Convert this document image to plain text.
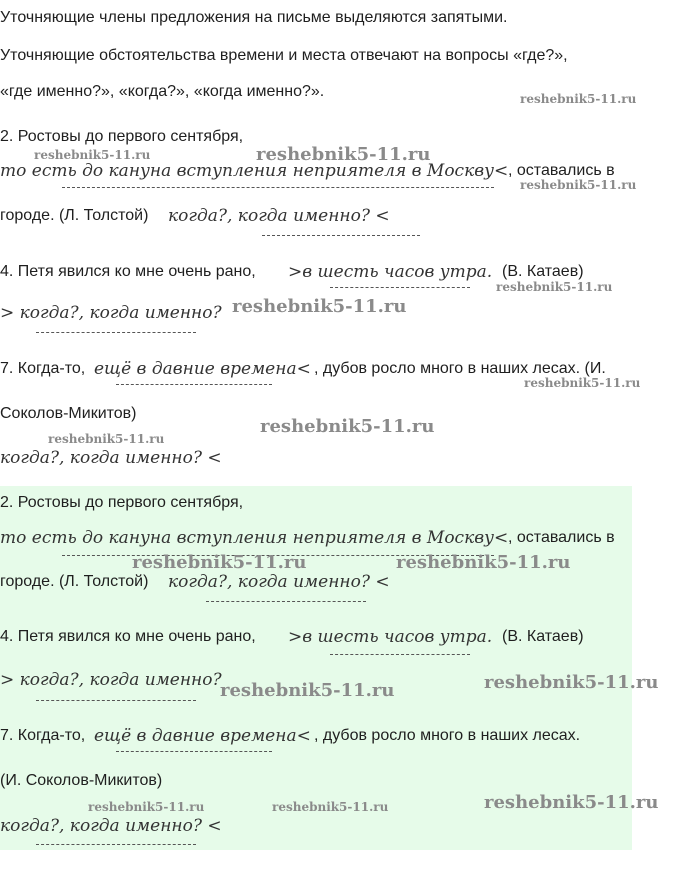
Уточняющие члены предложения на письме выделяются запятыми.
Уточняющие обстоятельства времени и места отвечают на вопросы «где?»,
«где именно?», «когда?», «когда именно?».	reshebnik5-11.ru
2. Ростовы до первого сентября,
reshebnik5-11.ru	reshebnik5-11.ru
то есть до кануна вступления неприятеля в Москву< , оставались в
reshebnik5-11.ru
городе. (Л. Толстой) когда?, когда именно? <
4. Петя явился ко мне очень рано, >в шесть часов утра. (В. Катаев)
reshebnik5-11.ru
> когда?, когда именно? reshebnik5-11.ru
7. Когда-то, ещё в давние времена< , дубов росло много в наших лесах. (И.
reshebnik5-11.ru
Соколов-Микитов)
reshebnik5-11.ru
reshebnik5-11.ru
когда?, когда именно? <
2. Ростовы до первого сентября,
то есть до кануна вступления неприятеля в Москву< , оставались в
reshebnik5-11.ru	reshebnik5-11.ru
городе. (Л. Толстой) когда?, когда именно? <
4. Петя явился ко мне очень рано, >в шесть часов утра. (В. Катаев)
> когда?, когда именно?
reshebnik5-11.ru	reshebnik5-11.ru
7. Когда-то, ещё в давние времена< , дубов росло много в наших лесах.
(И. Соколов-Микитов)
reshebnik5-11.ru	reshebnik5-11.ru	reshebnik5-11.ru
когда?, когда именно? <
